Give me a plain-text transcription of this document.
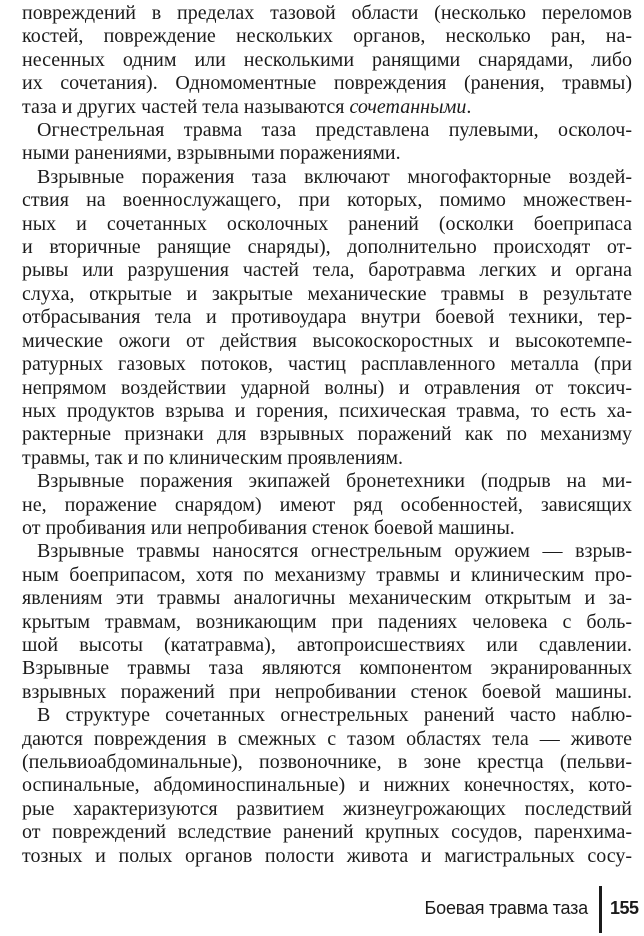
повреждений в пределах тазовой области (несколько переломов
костей, повреждение нескольких органов, несколько ран, на-
несенных одним или несколькими ранящими снарядами, либо
их сочетания). Одномоментные повреждения (ранения, травмы)
таза и других частей тела называются сочетанными.
Огнестрельная травма таза представлена пулевыми, осколоч-
ными ранениями, взрывными поражениями.
Взрывные поражения таза включают многофакторные воздей-
ствия на военнослужащего, при которых, помимо множествен-
ных и сочетанных осколочных ранений (осколки боеприпаса
и вторичные ранящие снаряды), дополнительно происходят от-
рывы или разрушения частей тела, баротравма легких и органа
слуха, открытые и закрытые механические травмы в результате
отбрасывания тела и противоудара внутри боевой техники, тер-
мические ожоги от действия высокоскоростных и высокотемпе-
ратурных газовых потоков, частиц расплавленного металла (при
непрямом воздействии ударной волны) и отравления от токсич-
ных продуктов взрыва и горения, психическая травма, то есть ха-
рактерные признаки для взрывных поражений как по механизму
травмы, так и по клиническим проявлениям.
Взрывные поражения экипажей бронетехники (подрыв на ми-
не, поражение снарядом) имеют ряд особенностей, зависящих
от пробивания или непробивания стенок боевой машины.
Взрывные травмы наносятся огнестрельным оружием — взрыв-
ным боеприпасом, хотя по механизму травмы и клиническим про-
явлениям эти травмы аналогичны механическим открытым и за-
крытым травмам, возникающим при падениях человека с боль-
шой высоты (кататравма), автопроисшествиях или сдавлении.
Взрывные травмы таза являются компонентом экранированных
взрывных поражений при непробивании стенок боевой машины.
В структуре сочетанных огнестрельных ранений часто наблю-
даются повреждения в смежных с тазом областях тела — животе
(пельвиоабдоминальные), позвоночнике, в зоне крестца (пельви-
оспинальные, абдоминоспинальные) и нижних конечностях, кото-
рые характеризуются развитием жизнеугрожающих последствий
от повреждений вследствие ранений крупных сосудов, паренхима-
тозных и полых органов полости живота и магистральных сосу-
Боевая травма таза 155
